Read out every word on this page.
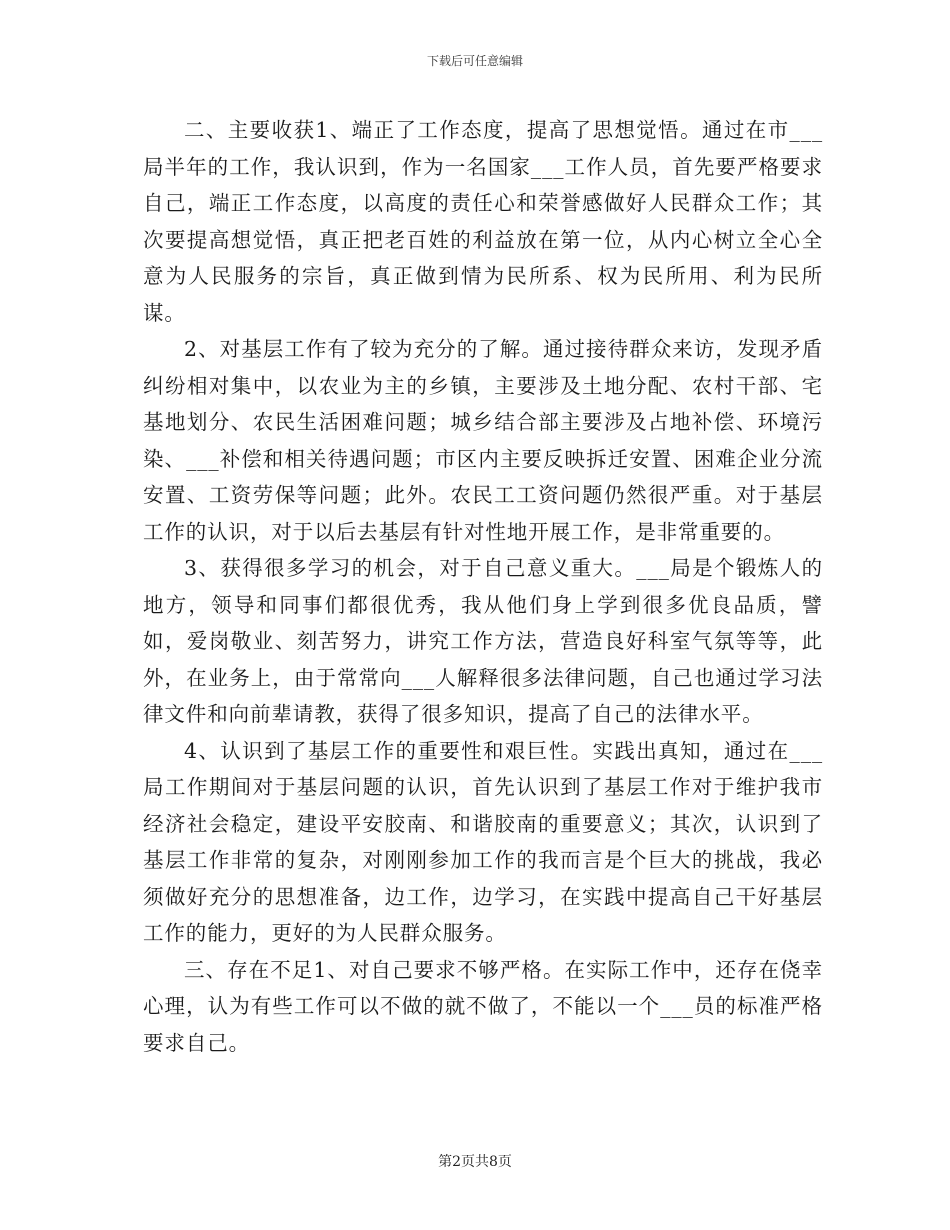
下载后可任意编辑

二、主要收获1、端正了工作态度，提高了思想觉悟。通过在市___局半年的工作，我认识到，作为一名国家___工作人员，首先要严格要求自己，端正工作态度，以高度的责任心和荣誉感做好人民群众工作；其次要提高想觉悟，真正把老百姓的利益放在第一位，从内心树立全心全意为人民服务的宗旨，真正做到情为民所系、权为民所用、利为民所谋。

2、对基层工作有了较为充分的了解。通过接待群众来访，发现矛盾纠纷相对集中，以农业为主的乡镇，主要涉及土地分配、农村干部、宅基地划分、农民生活困难问题；城乡结合部主要涉及占地补偿、环境污染、___补偿和相关待遇问题；市区内主要反映拆迁安置、困难企业分流安置、工资劳保等问题；此外。农民工工资问题仍然很严重。对于基层工作的认识，对于以后去基层有针对性地开展工作，是非常重要的。

3、获得很多学习的机会，对于自己意义重大。___局是个锻炼人的地方，领导和同事们都很优秀，我从他们身上学到很多优良品质，譬如，爱岗敬业、刻苦努力，讲究工作方法，营造良好科室气氛等等，此外，在业务上，由于常常向___人解释很多法律问题，自己也通过学习法律文件和向前辈请教，获得了很多知识，提高了自己的法律水平。

4、认识到了基层工作的重要性和艰巨性。实践出真知，通过在___局工作期间对于基层问题的认识，首先认识到了基层工作对于维护我市经济社会稳定，建设平安胶南、和谐胶南的重要意义；其次，认识到了基层工作非常的复杂，对刚刚参加工作的我而言是个巨大的挑战，我必须做好充分的思想准备，边工作，边学习，在实践中提高自己干好基层工作的能力，更好的为人民群众服务。

三、存在不足1、对自己要求不够严格。在实际工作中，还存在侥幸心理，认为有些工作可以不做的就不做了，不能以一个___员的标准严格要求自己。

第2页共8页
